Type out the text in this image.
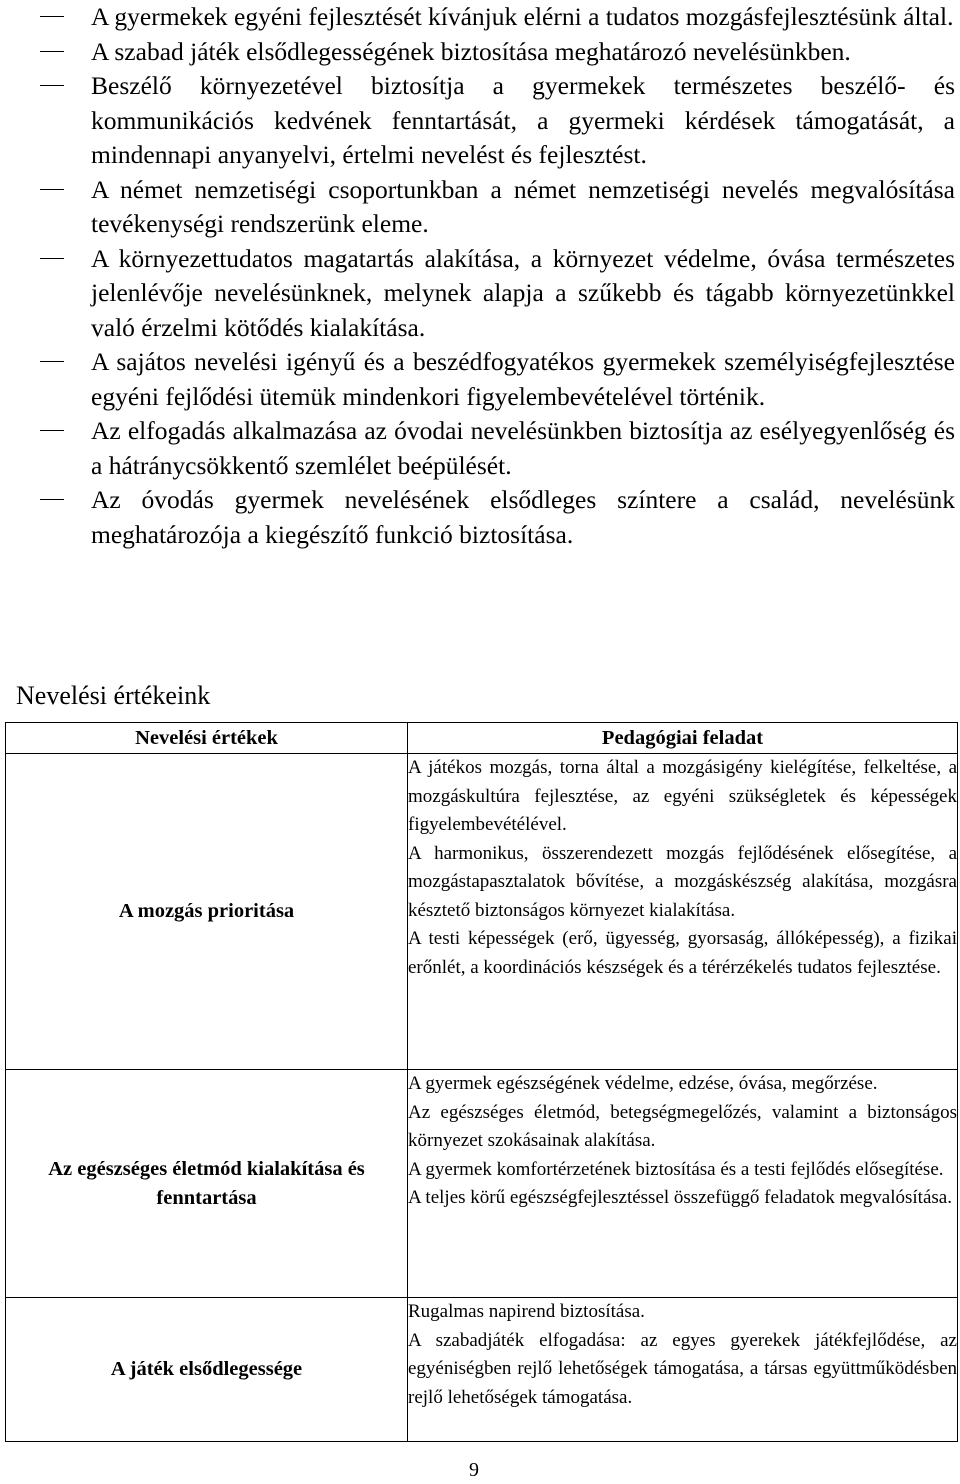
A gyermekek egyéni fejlesztését kívánjuk elérni a tudatos mozgásfejlesztésünk által.
A szabad játék elsődlegességének biztosítása meghatározó nevelésünkben.
Beszélő környezetével biztosítja a gyermekek természetes beszélő- és kommunikációs kedvének fenntartását, a gyermeki kérdések támogatását, a mindennapi anyanyelvi, értelmi nevelést és fejlesztést.
A német nemzetiségi csoportunkban a német nemzetiségi nevelés megvalósítása tevékenységi rendszerünk eleme.
A környezettudatos magatartás alakítása, a környezet védelme, óvása természetes jelenlévője nevelésünknek, melynek alapja a szűkebb és tágabb környezetünkkel való érzelmi kötődés kialakítása.
A sajátos nevelési igényű és a beszédfogyatékos gyermekek személyiségfejlesztése egyéni fejlődési ütemük mindenkori figyelembevételével történik.
Az elfogadás alkalmazása az óvodai nevelésünkben biztosítja az esélyegyenlőség és a hátránycsökkentő szemlélet beépülését.
Az óvodás gyermek nevelésének elsődleges színtere a család, nevelésünk meghatározója a kiegészítő funkció biztosítása.
Nevelési értékeink
Nevelési értékek	Pedagógiai feladat
A mozgás prioritása	A játékos mozgás, torna által a mozgásigény kielégítése, felkeltése, a mozgáskultúra fejlesztése, az egyéni szükségletek és képességek figyelembevétélével.

A harmonikus, összerendezett mozgás fejlődésének elősegítése, a mozgástapasztalatok bővítése, a mozgáskészség alakítása, mozgásra késztető biztonságos környezet kialakítása.

A testi képességek (erő, ügyesség, gyorsaság, állóképesség), a fizikai erőnlét, a koordinációs készségek és a térérzékelés tudatos fejlesztése.

Az egészséges életmód kialakítása és fenntartása	A gyermek egészségének védelme, edzése, óvása, megőrzése.

Az egészséges életmód, betegségmegelőzés, valamint a biztonságos környezet szokásainak alakítása.

A gyermek komfortérzetének biztosítása és a testi fejlődés elősegítése.

A teljes körű egészségfejlesztéssel összefüggő feladatok megvalósítása.

A játék elsődlegessége	Rugalmas napirend biztosítása.

A szabadjáték elfogadása: az egyes gyerekek játékfejlődése, az egyéniségben rejlő lehetőségek támogatása, a társas együttműködésben rejlő lehetőségek támogatása.

9
